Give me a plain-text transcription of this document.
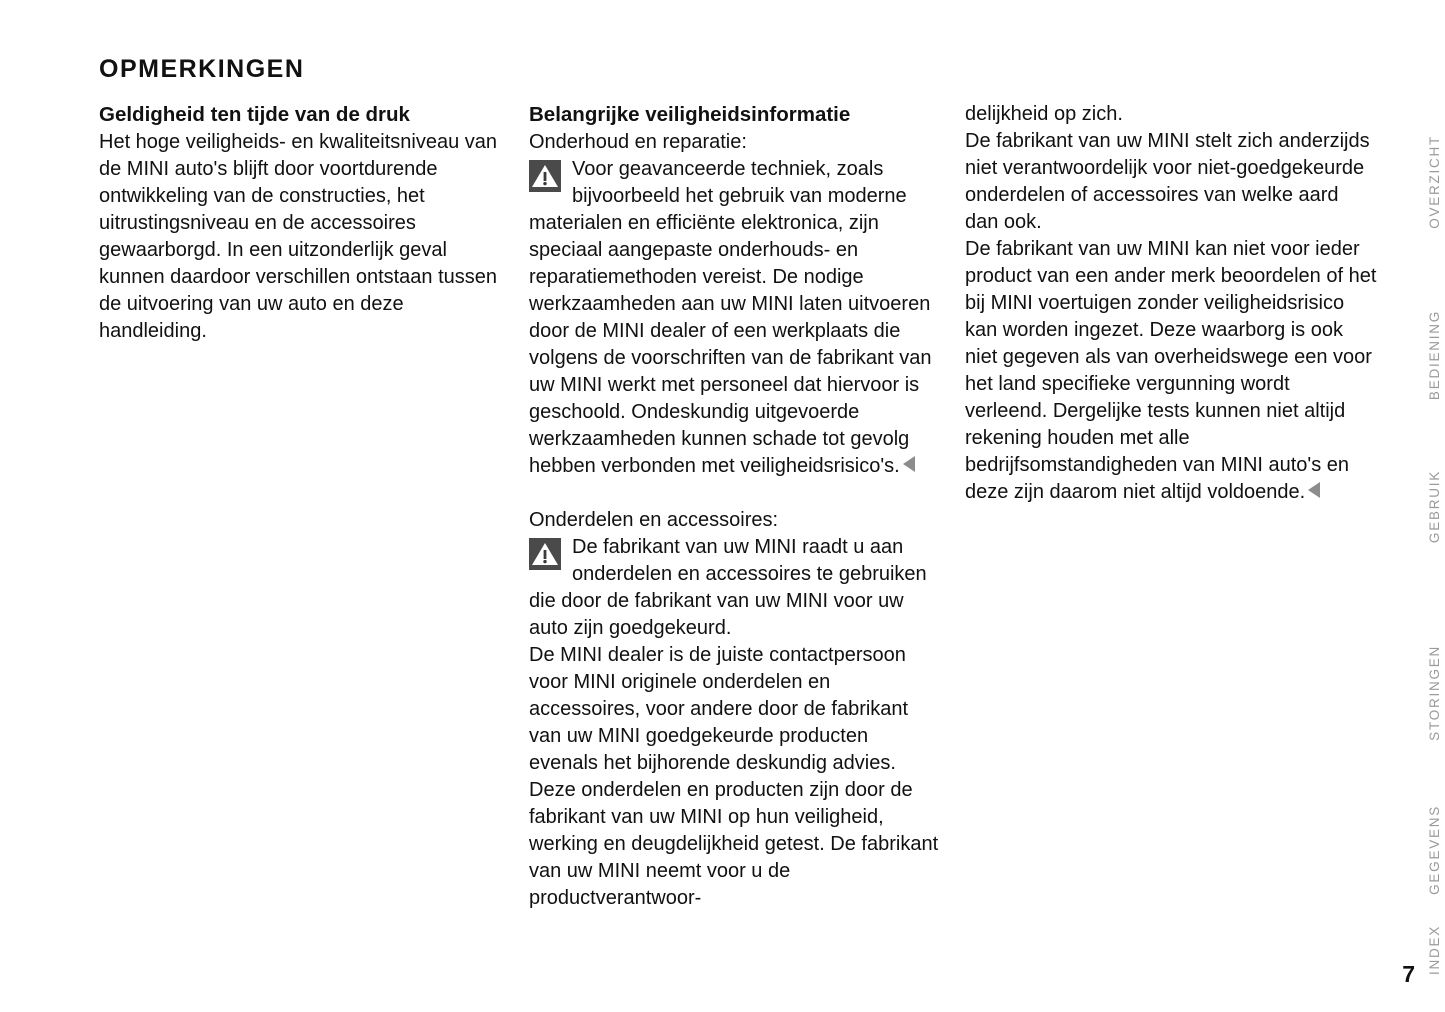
OPMERKINGEN
Geldigheid ten tijde van de druk

Het hoge veiligheids- en kwaliteitsniveau van de MINI auto's blijft door voortdurende ontwikkeling van de constructies, het uitrustingsniveau en de accessoires gewaarborgd. In een uitzonderlijk geval kunnen daardoor verschillen ontstaan tussen de uitvoering van uw auto en deze handleiding.

Belangrijke veiligheidsinformatie

Onderhoud en reparatie:

Voor geavanceerde techniek, zoals bijvoorbeeld het gebruik van moderne materialen en efficiënte elektronica, zijn speciaal aangepaste onderhouds- en reparatiemethoden vereist. De nodige werkzaamheden aan uw MINI laten uitvoeren door de MINI dealer of een werkplaats die volgens de voorschriften van de fabrikant van uw MINI werkt met personeel dat hiervoor is geschoold. Ondeskundig uitgevoerde werkzaamheden kunnen schade tot gevolg hebben verbonden met veiligheidsrisico's.

Onderdelen en accessoires:

De fabrikant van uw MINI raadt u aan onderdelen en accessoires te gebruiken die door de fabrikant van uw MINI voor uw auto zijn goedgekeurd.

De MINI dealer is de juiste contactpersoon voor MINI originele onderdelen en accessoires, voor andere door de fabrikant van uw MINI goedgekeurde producten evenals het bijhorende deskundig advies. Deze onderdelen en producten zijn door de fabrikant van uw MINI op hun veiligheid, werking en deugdelijkheid getest. De fabrikant van uw MINI neemt voor u de productverantwoor-

delijkheid op zich.

De fabrikant van uw MINI stelt zich anderzijds niet verantwoordelijk voor niet-goedgekeurde onderdelen of accessoires van welke aard dan ook.

De fabrikant van uw MINI kan niet voor ieder product van een ander merk beoordelen of het bij MINI voertuigen zonder veiligheidsrisico kan worden ingezet. Deze waarborg is ook niet gegeven als van overheidswege een voor het land specifieke vergunning wordt verleend. Dergelijke tests kunnen niet altijd rekening houden met alle bedrijfsomstandigheden van MINI auto's en deze zijn daarom niet altijd voldoende.

OVERZICHT
BEDIENING
GEBRUIK
STORINGEN
GEGEVENS
INDEX
7
